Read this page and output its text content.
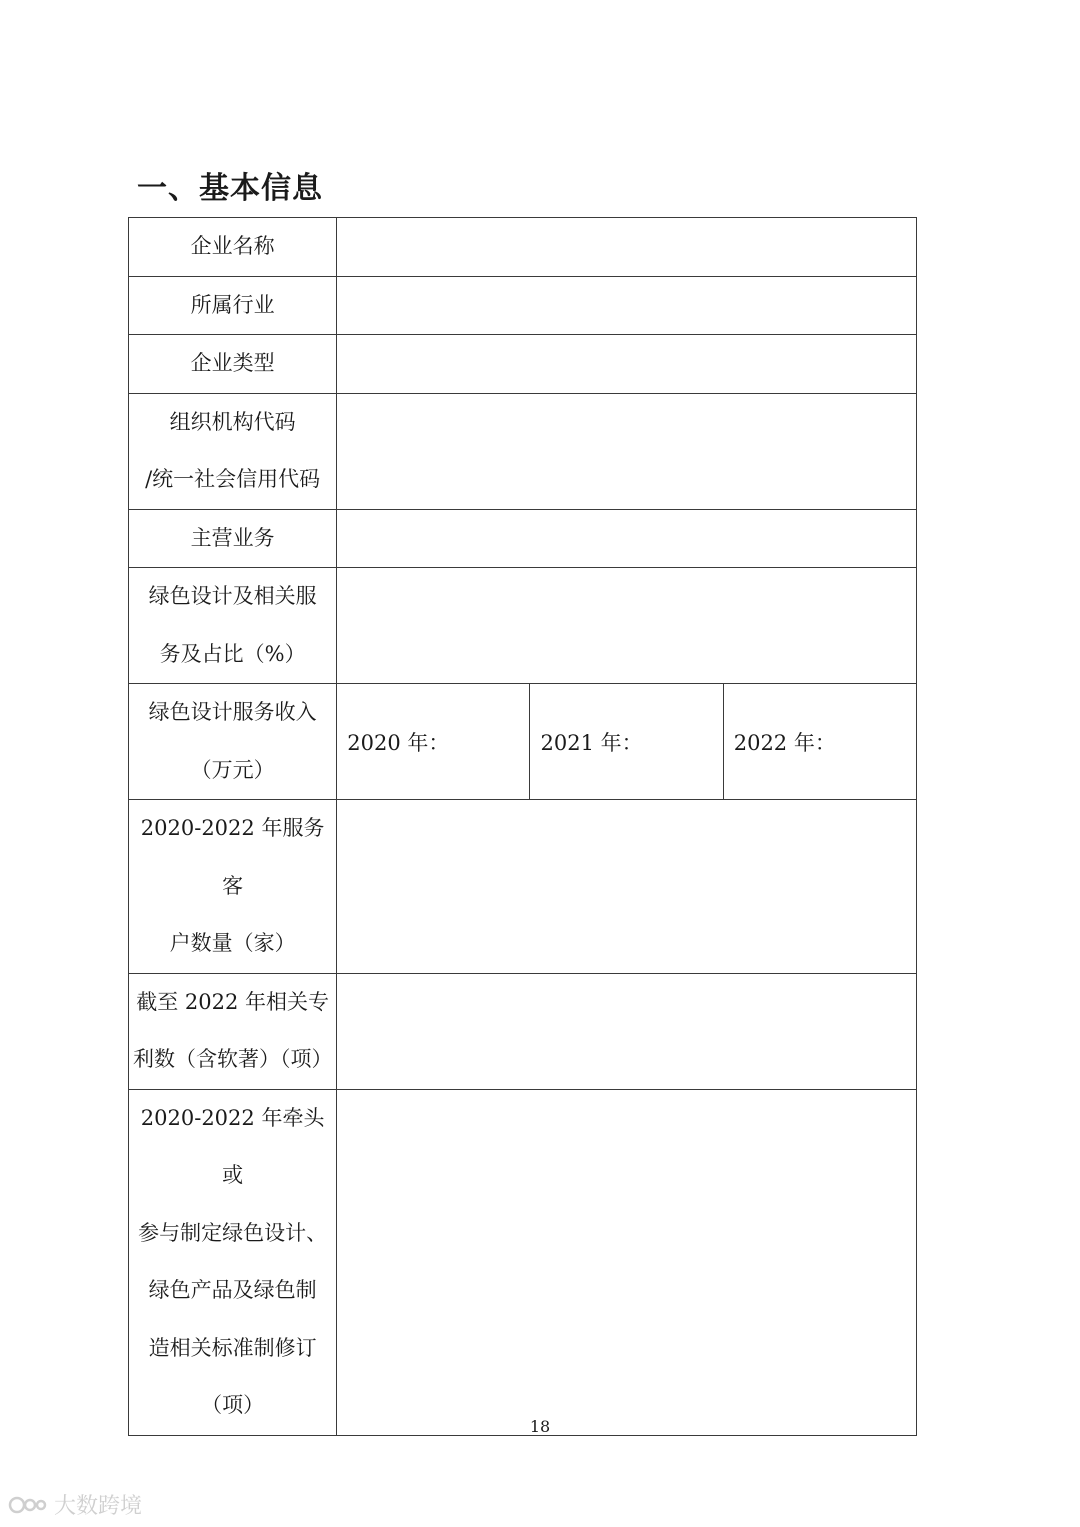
一、基本信息
企业名称			
所属行业			
企业类型			

组织机构代码
/统一社会信用代码			

主营业务			

绿色设计及相关服
务及占比（%）			

绿色设计服务收入
（万元）	2020 年：	2021 年：	2022 年：

2020-2022 年服务客
户数量（家）			

截至 2022 年相关专
利数（含软著）（项）			

2020-2022 年牵头或
参与制定绿色设计、
绿色产品及绿色制
造相关标准制修订
（项）			

18
大数跨境
